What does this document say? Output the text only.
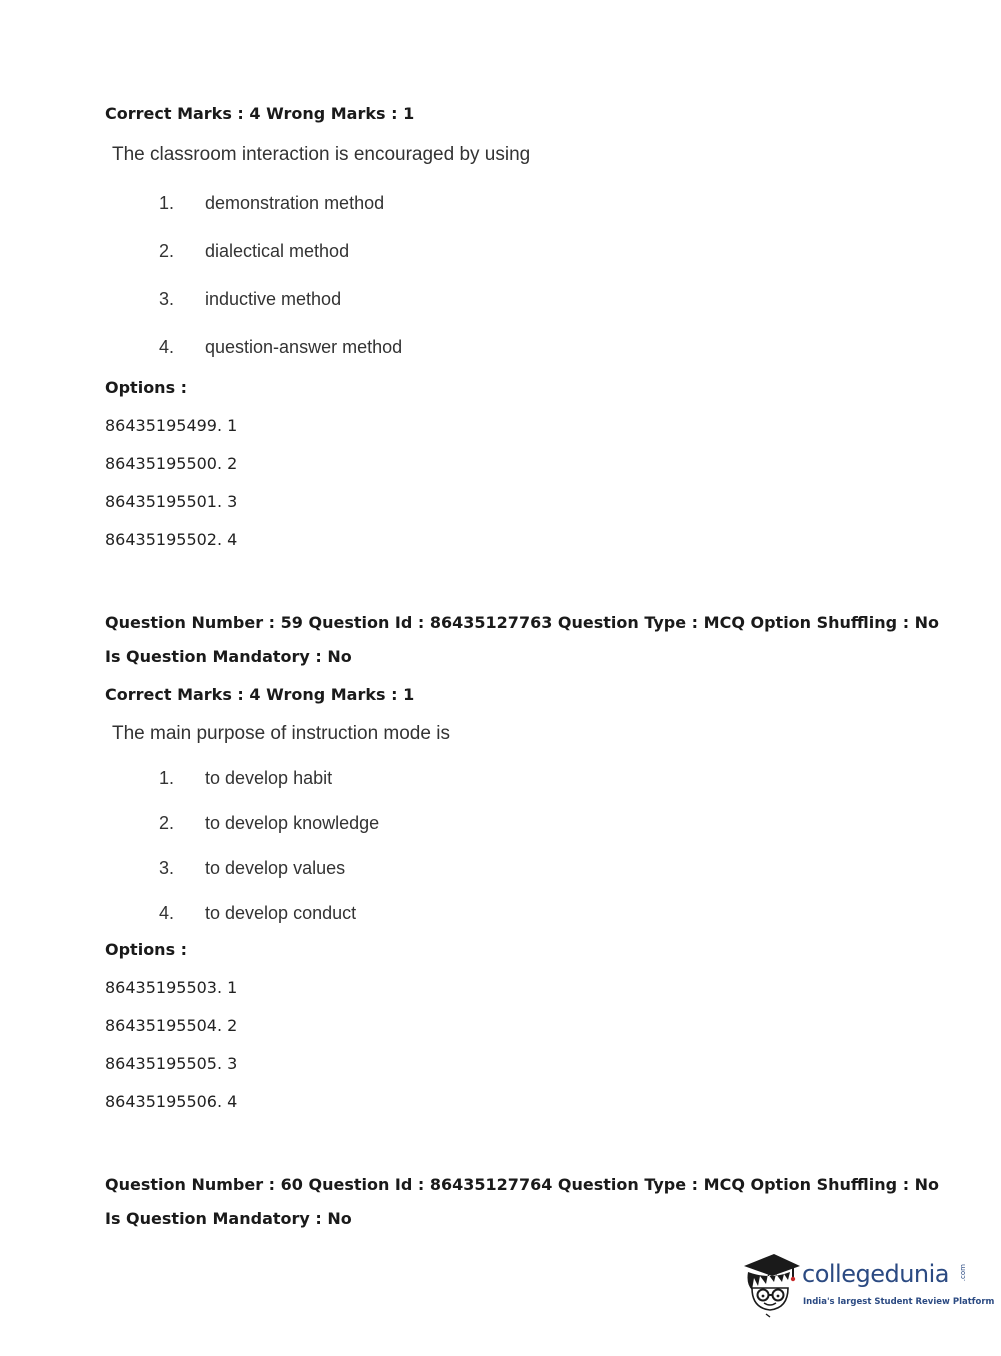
Correct Marks : 4 Wrong Marks : 1
The classroom interaction is encouraged by using
1. demonstration method
2. dialectical method
3. inductive method
4. question-answer method
Options :
86435195499. 1
86435195500. 2
86435195501. 3
86435195502. 4
Question Number : 59 Question Id : 86435127763 Question Type : MCQ Option Shuffling : No
Is Question Mandatory : No
Correct Marks : 4 Wrong Marks : 1
The main purpose of instruction mode is
1. to develop habit
2. to develop knowledge
3. to develop values
4. to develop conduct
Options :
86435195503. 1
86435195504. 2
86435195505. 3
86435195506. 4
Question Number : 60 Question Id : 86435127764 Question Type : MCQ Option Shuffling : No
Is Question Mandatory : No
collegedunia .com
India's largest Student Review Platform
